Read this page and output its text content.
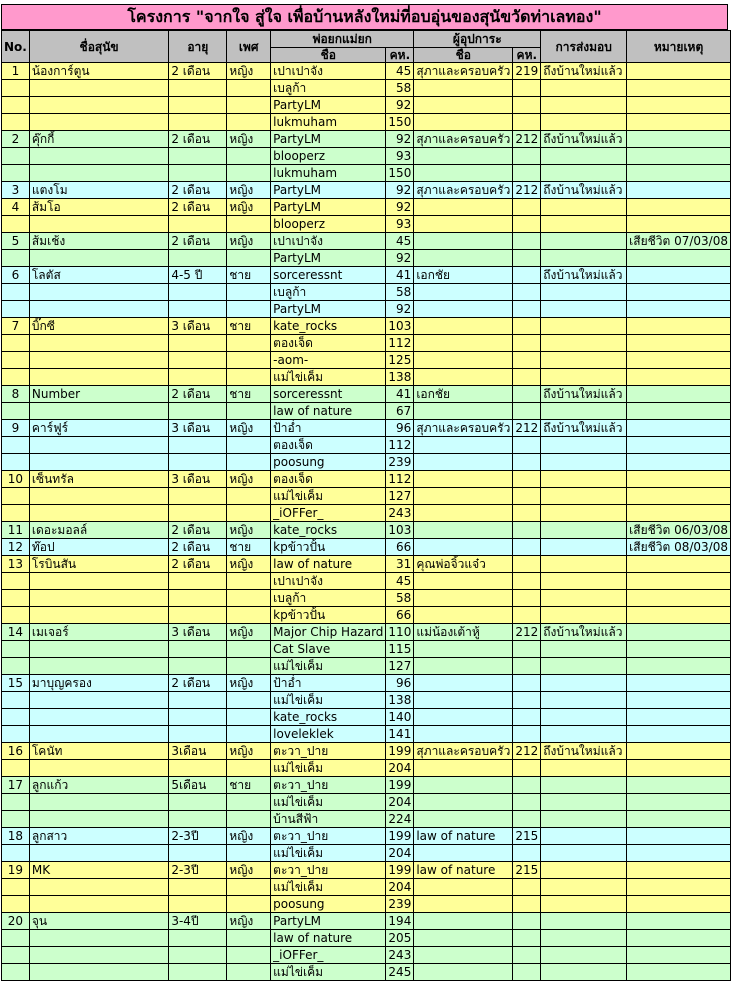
โครงการ "จากใจ สู่ใจ เพื่อบ้านหลังใหม่ที่อบอุ่นของสุนัขวัดท่าเลทอง"
No.	ชื่อสุนัข	อายุ	เพศ	พ่อยกแม่ยก		ผู้อุปการะ		การส่งมอบ	หมายเหตุ
				ชื่อ	คห.	ชื่อ	คห.		
1	น้องการ์ตูน	2 เดือน	หญิง	เปาเปาจัง	45	สุภาและครอบครัว	219	ถึงบ้านใหม่แล้ว	
				เบลูก้า	58				
				PartyLM	92				
				lukmuham	150				
2	คุ๊กกี้	2 เดือน	หญิง	PartyLM	92	สุภาและครอบครัว	212	ถึงบ้านใหม่แล้ว	
				blooperz	93				
				lukmuham	150				
3	แตงโม	2 เดือน	หญิง	PartyLM	92	สุภาและครอบครัว	212	ถึงบ้านใหม่แล้ว	
4	ส้มโอ	2 เดือน	หญิง	PartyLM	92				
				blooperz	93				
5	ส้มเช้ง	2 เดือน	หญิง	เปาเปาจัง	45				เสียชีวิต 07/03/08
				PartyLM	92				
6	โลตัส	4-5 ปี	ชาย	sorceressnt	41	เอกชัย		ถึงบ้านใหม่แล้ว	
				เบลูก้า	58				
				PartyLM	92				
7	บิ๊กซี	3 เดือน	ชาย	kate_rocks	103				
				ตองเจ็ด	112				
				-aom-	125				
				แม่ไข่เค็ม	138				
8	Number	2 เดือน	ชาย	sorceressnt	41	เอกชัย		ถึงบ้านใหม่แล้ว	
				law of nature	67				
9	คาร์ฟูร์	3 เดือน	หญิง	ป้าอ่ำ	96	สุภาและครอบครัว	212	ถึงบ้านใหม่แล้ว	
				ตองเจ็ด	112				
				poosung	239				
10	เซ็นทรัล	3 เดือน	หญิง	ตองเจ็ด	112				
				แม่ไข่เค็ม	127				
				_iOFFer_	243				
11	เดอะมอลล์	2 เดือน	หญิง	kate_rocks	103				เสียชีวิต 06/03/08
12	ท๊อป	2 เดือน	ชาย	kpข้าวปั้น	66				เสียชีวิต 08/03/08
13	โรบินสัน	2 เดือน	หญิง	law of nature	31	คุณพ่อจิ้วแจ๋ว			
				เปาเปาจัง	45				
				เบลูก้า	58				
				kpข้าวปั้น	66				
14	เมเจอร์	3 เดือน	หญิง	Major Chip Hazard	110	แม่น้องเต้าหู้	212	ถึงบ้านใหม่แล้ว	
				Cat Slave	115				
				แม่ไข่เค็ม	127				
15	มาบุญครอง	2 เดือน	หญิง	ป้าอ่ำ	96				
				แม่ไข่เค็ม	138				
				kate_rocks	140				
				loveleklek	141				
16	โคนัท	3เดือน	หญิง	ตะวา_ปาย	199	สุภาและครอบครัว	212	ถึงบ้านใหม่แล้ว	
				แม่ไข่เค็ม	204				
17	ลูกแก้ว	5เดือน	ชาย	ตะวา_ปาย	199				
				แม่ไข่เค็ม	204				
				บ้านสีฟ้า	224				
18	ลูกสาว	2-3ปี	หญิง	ตะวา_ปาย	199	law of nature	215		
				แม่ไข่เค็ม	204				
19	MK	2-3ปี	หญิง	ตะวา_ปาย	199	law of nature	215		
				แม่ไข่เค็ม	204				
				poosung	239				
20	จุน	3-4ปี	หญิง	PartyLM	194				
				law of nature	205				
				_iOFFer_	243				
				แม่ไข่เค็ม	245				
